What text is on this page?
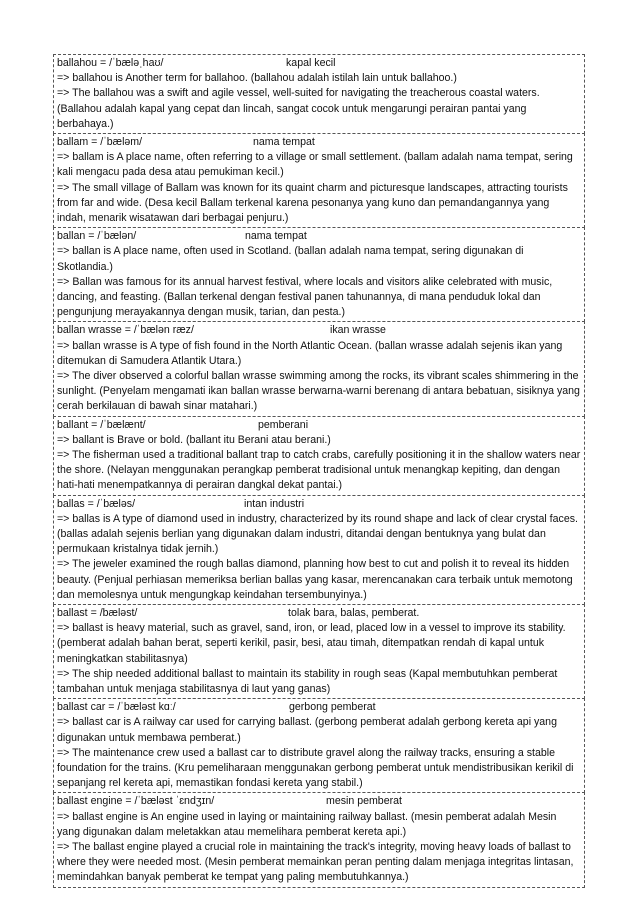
ballahou = /ˈbæləˌhaʊ/	kapal kecil
=> ballahou is Another term for ballahoo. (ballahou adalah istilah lain untuk ballahoo.)
=> The ballahou was a swift and agile vessel, well-suited for navigating the treacherous coastal waters. (Ballahou adalah kapal yang cepat dan lincah, sangat cocok untuk mengarungi perairan pantai yang berbahaya.)
ballam = /ˈbæləm/	nama tempat
=> ballam is A place name, often referring to a village or small settlement. (ballam adalah nama tempat, sering kali mengacu pada desa atau pemukiman kecil.)
=> The small village of Ballam was known for its quaint charm and picturesque landscapes, attracting tourists from far and wide. (Desa kecil Ballam terkenal karena pesonanya yang kuno dan pemandangannya yang indah, menarik wisatawan dari berbagai penjuru.)
ballan = /ˈbælən/	nama tempat
=> ballan is A place name, often used in Scotland. (ballan adalah nama tempat, sering digunakan di Skotlandia.)
=> Ballan was famous for its annual harvest festival, where locals and visitors alike celebrated with music, dancing, and feasting. (Ballan terkenal dengan festival panen tahunannya, di mana penduduk lokal dan pengunjung merayakannya dengan musik, tarian, dan pesta.)
ballan wrasse = /ˈbælən ræz/	ikan wrasse
=> ballan wrasse is A type of fish found in the North Atlantic Ocean. (ballan wrasse adalah sejenis ikan yang ditemukan di Samudera Atlantik Utara.)
=> The diver observed a colorful ballan wrasse swimming among the rocks, its vibrant scales shimmering in the sunlight. (Penyelam mengamati ikan ballan wrasse berwarna-warni berenang di antara bebatuan, sisiknya yang cerah berkilauan di bawah sinar matahari.)
ballant = /ˈbælænt/	pemberani
=> ballant is Brave or bold. (ballant itu Berani atau berani.)
=> The fisherman used a traditional ballant trap to catch crabs, carefully positioning it in the shallow waters near the shore. (Nelayan menggunakan perangkap pemberat tradisional untuk menangkap kepiting, dan dengan hati-hati menempatkannya di perairan dangkal dekat pantai.)
ballas = /ˈbæləs/	intan industri
=> ballas is A type of diamond used in industry, characterized by its round shape and lack of clear crystal faces. (ballas adalah sejenis berlian yang digunakan dalam industri, ditandai dengan bentuknya yang bulat dan permukaan kristalnya tidak jernih.)
=> The jeweler examined the rough ballas diamond, planning how best to cut and polish it to reveal its hidden beauty. (Penjual perhiasan memeriksa berlian ballas yang kasar, merencanakan cara terbaik untuk memotong dan memolesnya untuk mengungkap keindahan tersembunyinya.)
ballast = /bæləst/	tolak bara, balas, pemberat.
=> ballast is heavy material, such as gravel, sand, iron, or lead, placed low in a vessel to improve its stability. (pemberat adalah bahan berat, seperti kerikil, pasir, besi, atau timah, ditempatkan rendah di kapal untuk meningkatkan stabilitasnya)
=> The ship needed additional ballast to maintain its stability in rough seas (Kapal membutuhkan pemberat tambahan untuk menjaga stabilitasnya di laut yang ganas)
ballast car = /ˈbæləst kɑː/	gerbong pemberat
=> ballast car is A railway car used for carrying ballast. (gerbong pemberat adalah gerbong kereta api yang digunakan untuk membawa pemberat.)
=> The maintenance crew used a ballast car to distribute gravel along the railway tracks, ensuring a stable foundation for the trains. (Kru pemeliharaan menggunakan gerbong pemberat untuk mendistribusikan kerikil di sepanjang rel kereta api, memastikan fondasi kereta yang stabil.)
ballast engine = /ˈbæləst ˈɛndʒɪn/	mesin pemberat
=> ballast engine is An engine used in laying or maintaining railway ballast. (mesin pemberat adalah Mesin yang digunakan dalam meletakkan atau memelihara pemberat kereta api.)
=> The ballast engine played a crucial role in maintaining the track's integrity, moving heavy loads of ballast to where they were needed most. (Mesin pemberat memainkan peran penting dalam menjaga integritas lintasan, memindahkan banyak pemberat ke tempat yang paling membutuhkannya.)
